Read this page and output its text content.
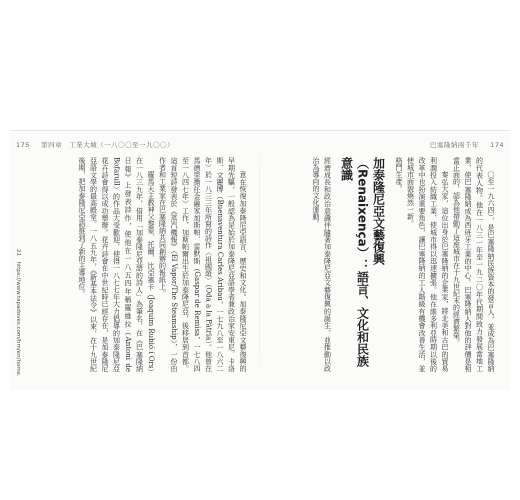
175 第四章　工業大城（一八〇〇至一九〇〇）	巴塞隆納兩千年 174
21　https://www.tapadoves.com/hm/en/home.	意在恢復加泰隆尼亞語言、歷史和文化。加泰隆尼亞文藝復興的早期先驅，一般認為是始於加泰隆尼亞語學者兼政治家安東尼．卡洛斯．文麗博（Buenaventura Carles Aribau，一七九八至一八六二年）於一八三三年所寫的詩作〈祖國頌〉（Oda a la Pàtria）。他曾在馬德里擔任金融家加斯帕．雷默斯（Gaspar de Remisa，一七八四至一八四七年）工作，加斯帕爾出生於加泰隆尼亞，後移居到首都。這首短詩發表於《蒸汽機報》（El Vapor/The Steamship），一份由作者和工業家在巴塞隆納共同創辦的報紙上。

羅馬天主教神父黎蒙．托爾．比亞塞卡（Joaquim Rubió i Ors）在一八三九年，借用「加泰隆尼亞語的詩人」為筆名，在《巴塞隆納日報》上發表詩作，使他在一八五四年稱羅維拉（Antoni de Bofarull）的作品大受歡迎，使得一八七七年大力倡導的加泰隆尼亞花卉詩會得以成功舉辦。花卉詩會在中世紀時已經存在，是加泰隆尼亞語文學的最高殿堂。一八五九年，《新基本法令》以來，在十九世紀後期，把加泰隆尼亞語推到了新的主導地位。	〇至一九六四），是巴塞隆納民族資本的發言人，並成為巴塞隆納的代表人物。他在一八三一年至一九二〇年代期間致力發展當地工業，使巴塞隆納成為西班牙工業的中心。巴塞隆納人對他的評價是相當正面的，認為他帶動了這座城市在十九世紀末的經濟繁榮。

秦弘大家，這位出身於巴塞隆納的企業家，將北美和古巴的貿易利潤投入紡織工業，使城市得以迅速擴張。他在維多利亞時期以後的改革中也扮演重要角色，讓巴塞隆納的工人階級有機會改善生活，並使城市面貌煥然一新。

格鬥生產。

加泰隆尼亞文藝復興（Renaixença）：語言、文化和民族意識

經濟成長和政治意識伴隨著加泰隆尼亞文藝復興的誕生，並推動以政治為導向的文化運動。
